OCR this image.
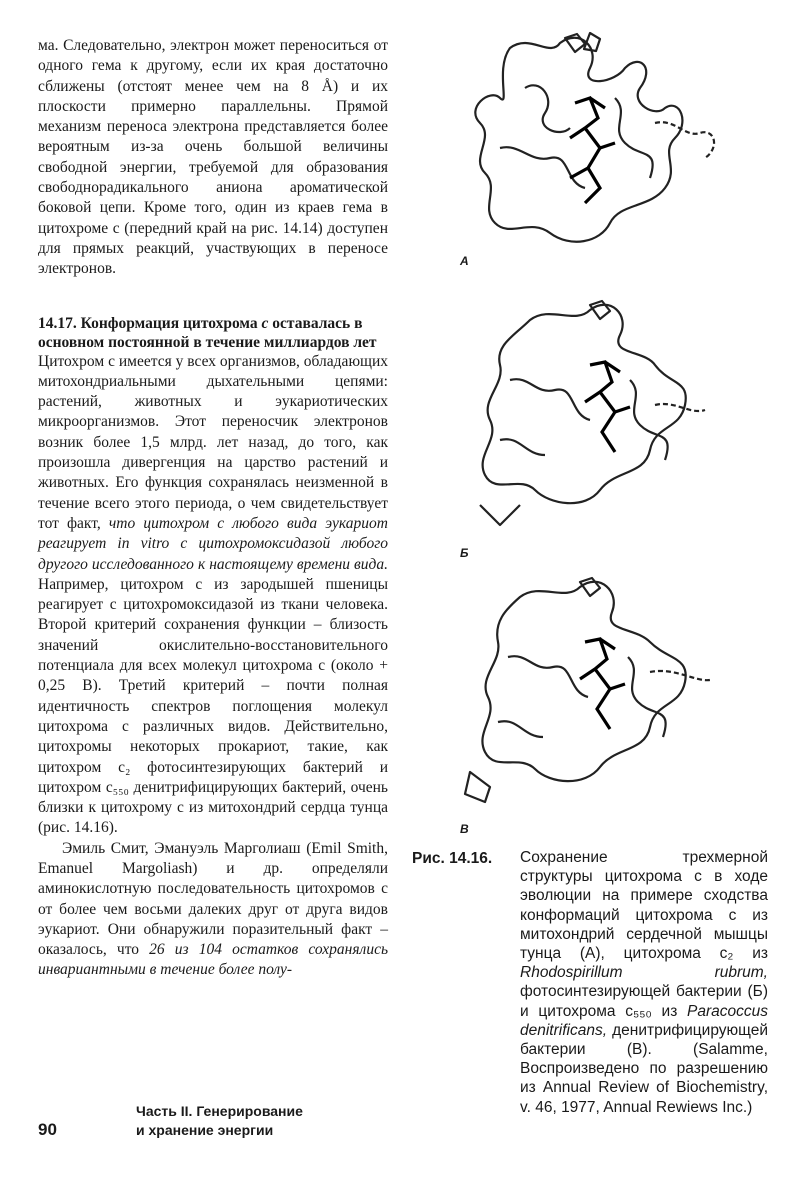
ма. Следовательно, электрон может переноситься от одного гема к другому, если их края достаточно сближены (отстоят менее чем на 8 Å) и их плоскости примерно параллельны. Прямой механизм переноса электрона представляется более вероятным из-за очень большой величины свободной энергии, требуемой для образования свободнорадикального аниона ароматической боковой цепи. Кроме того, один из краев гема в цитохроме с (передний край на рис. 14.14) доступен для прямых реакций, участвующих в переносе электронов.

14.17. Конформация цитохрома с оставалась в основном постоянной в течение миллиардов лет

Цитохром с имеется у всех организмов, обладающих митохондриальными дыхательными цепями: растений, животных и эукариотических микроорганизмов. Этот переносчик электронов возник более 1,5 млрд. лет назад, до того, как произошла дивергенция на царство растений и животных. Его функция сохранялась неизменной в течение всего этого периода, о чем свидетельствует тот факт, что цитохром с любого вида эукариот реагирует in vitro с цитохромоксидазой любого другого исследованного к настоящему времени вида. Например, цитохром с из зародышей пшеницы реагирует с цитохромоксидазой из ткани человека. Второй критерий сохранения функции – близость значений окислительно-восстановительного потенциала для всех молекул цитохрома с (около + 0,25 В). Третий критерий – почти полная идентичность спектров поглощения молекул цитохрома с различных видов. Действительно, цитохромы некоторых прокариот, такие, как цитохром с₂ фотосинтезирующих бактерий и цитохром с₅₅₀ денитрифицирующих бактерий, очень близки к цитохрому с из митохондрий сердца тунца (рис. 14.16).

Эмиль Смит, Эмануэль Марголиаш (Emil Smith, Emanuel Margoliash) и др. определяли аминокислотную последовательность цитохромов с от более чем восьми далеких друг от друга видов эукариот. Они обнаружили поразительный факт – оказалось, что 26 из 104 остатков сохранялись инвариантными в течение более полу-

A
Б
В
Рис. 14.16. Сохранение трехмерной структуры цитохрома с в ходе эволюции на примере сходства конформаций цитохрома с из митохондрий сердечной мышцы тунца (А), цитохрома с₂ из Rhodospirillum rubrum, фотосинтезирующей бактерии (Б) и цитохрома с₅₅₀ из Paracoccus denitrificans, денитрифицирующей бактерии (В). (Salamme, Воспроизведено по разрешению из Annual Review of Biochemistry, v. 46, 1977, Annual Rewiews Inc.)
90
Часть II. Генерирование
и хранение энергии
